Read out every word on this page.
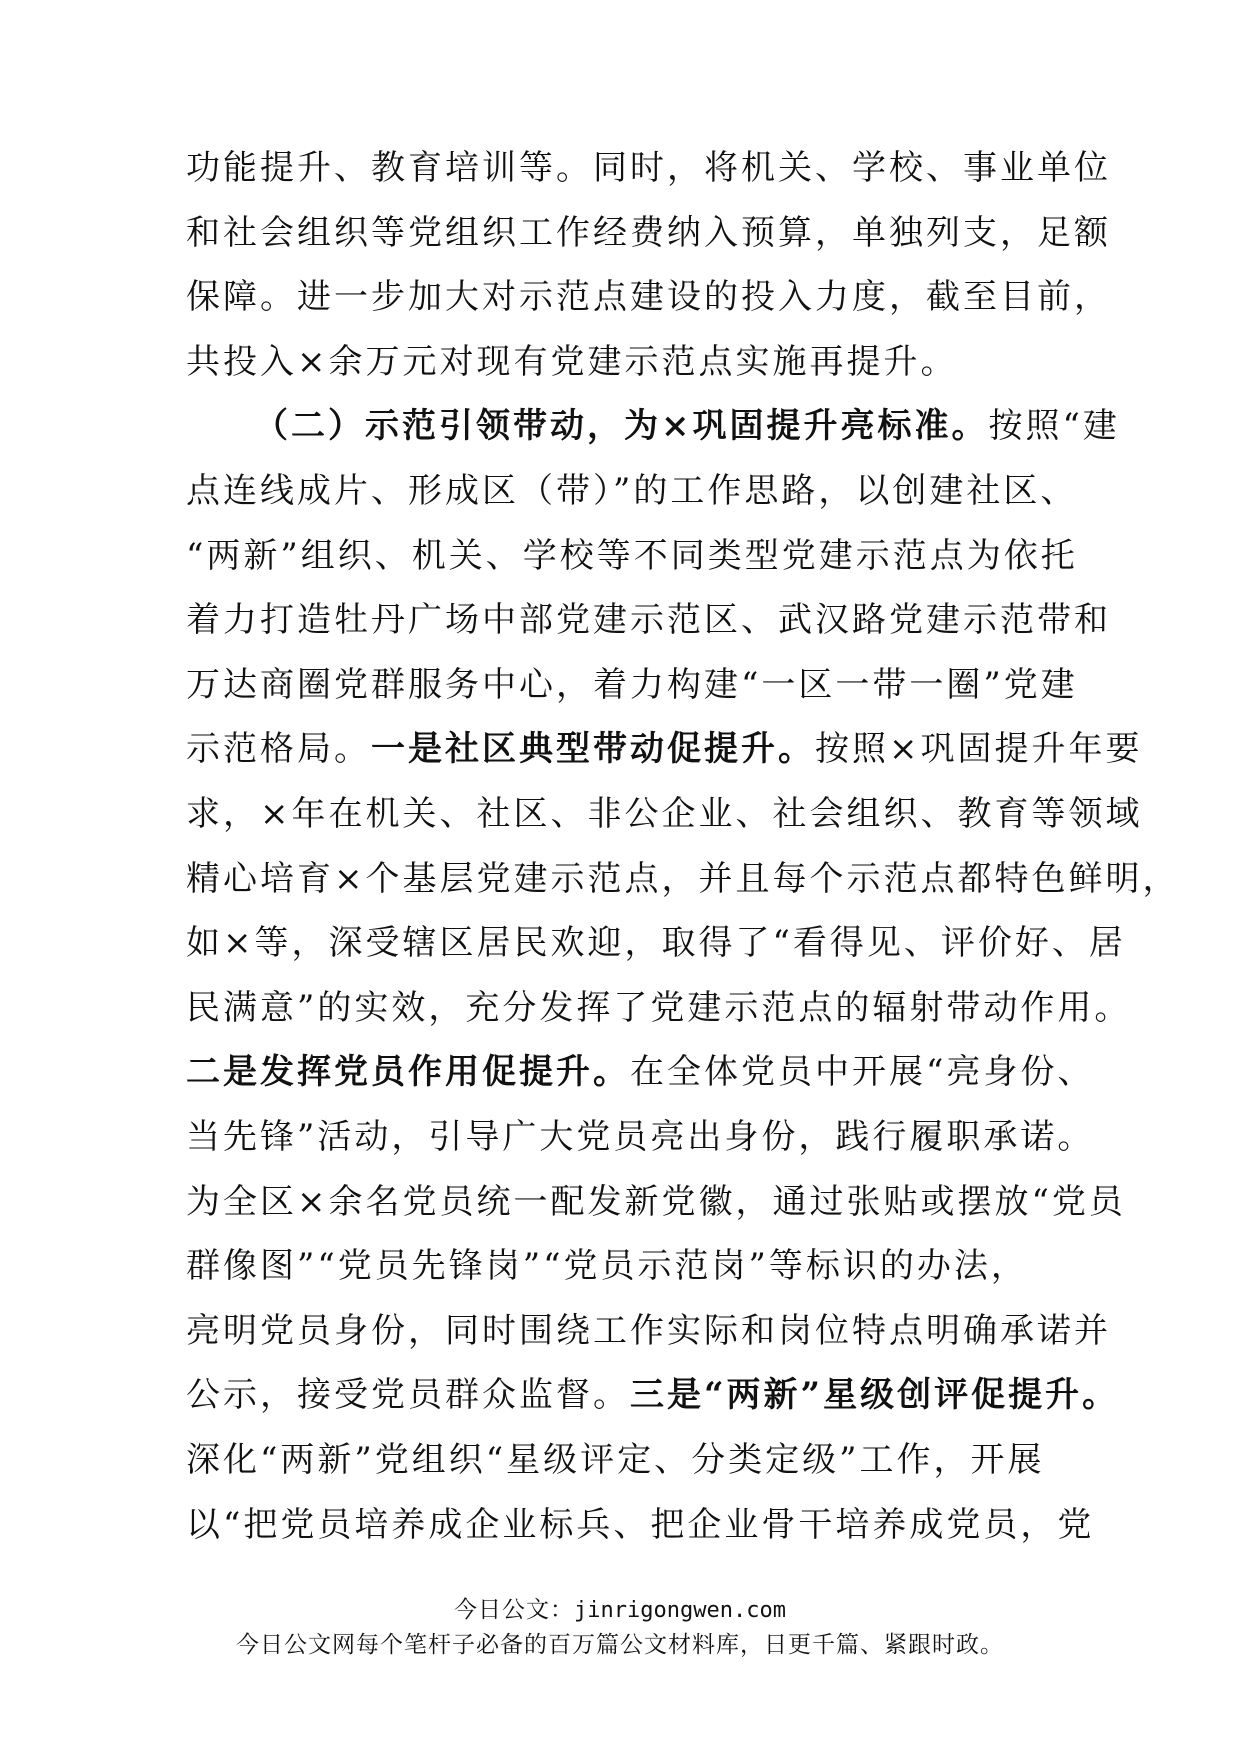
功能提升、教育培训等。同时，将机关、学校、事业单位
和社会组织等党组织工作经费纳入预算，单独列支，足额
保障。进一步加大对示范点建设的投入力度，截至目前，
共投入×余万元对现有党建示范点实施再提升。
（二）示范引领带动，为×巩固提升亮标准。按照“建
点连线成片、形成区（带）”的工作思路，以创建社区、
“两新”组织、机关、学校等不同类型党建示范点为依托
着力打造牡丹广场中部党建示范区、武汉路党建示范带和
万达商圈党群服务中心，着力构建“一区一带一圈”党建
示范格局。一是社区典型带动促提升。按照×巩固提升年要
求，×年在机关、社区、非公企业、社会组织、教育等领域
精心培育×个基层党建示范点，并且每个示范点都特色鲜明，
如×等，深受辖区居民欢迎，取得了“看得见、评价好、居
民满意”的实效，充分发挥了党建示范点的辐射带动作用。
二是发挥党员作用促提升。在全体党员中开展“亮身份、
当先锋”活动，引导广大党员亮出身份，践行履职承诺。
为全区×余名党员统一配发新党徽，通过张贴或摆放“党员
群像图”“党员先锋岗”“党员示范岗”等标识的办法，
亮明党员身份，同时围绕工作实际和岗位特点明确承诺并
公示，接受党员群众监督。三是“两新”星级创评促提升。
深化“两新”党组织“星级评定、分类定级”工作，开展
以“把党员培养成企业标兵、把企业骨干培养成党员，党
今日公文：jinrigongwen.com
今日公文网每个笔杆子必备的百万篇公文材料库，日更千篇、紧跟时政。
